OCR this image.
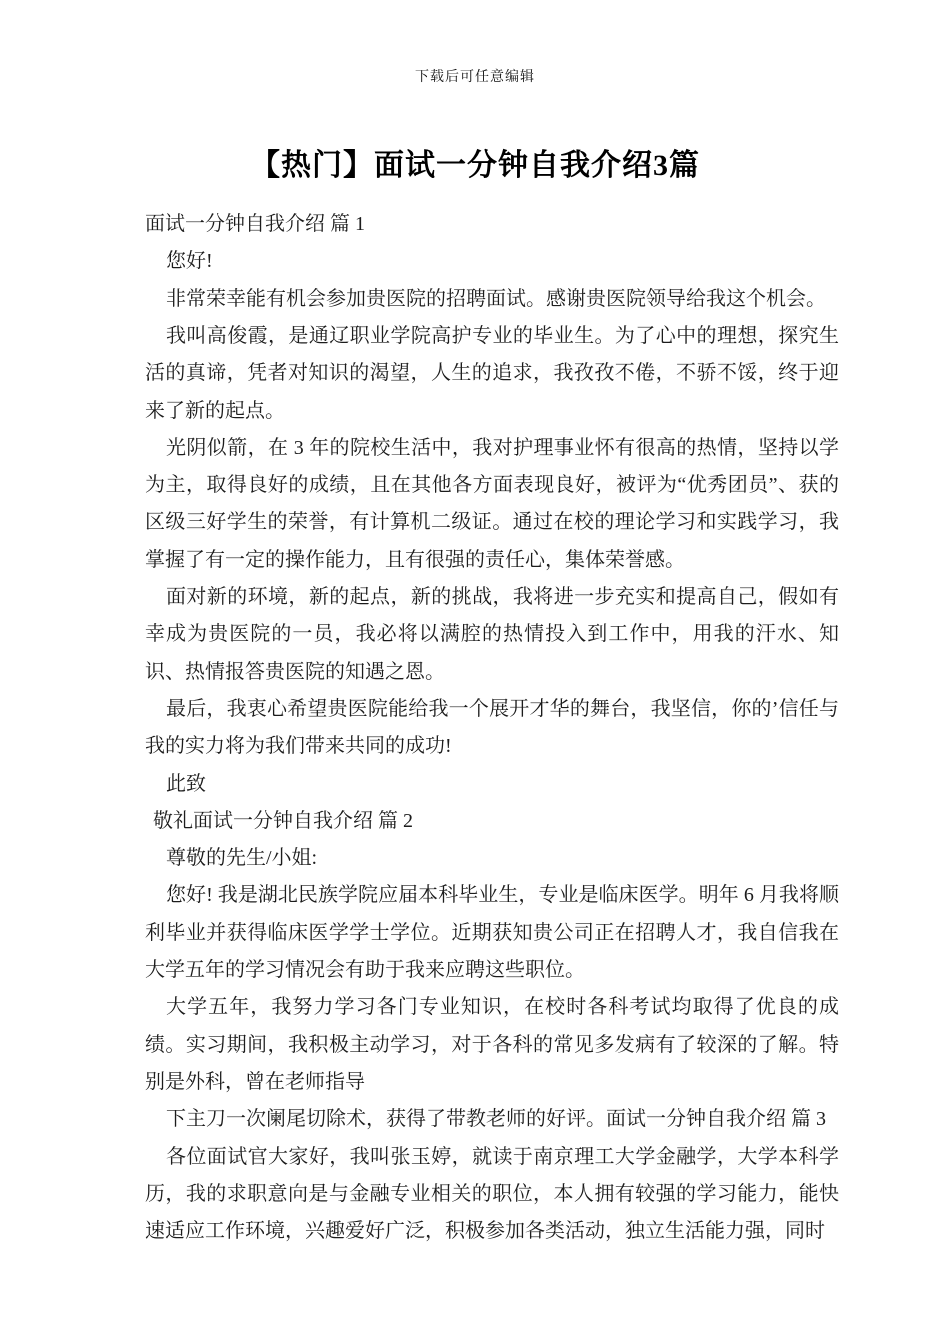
下载后可任意编辑
【热门】面试一分钟自我介绍3篇

面试一分钟自我介绍 篇 1

您好!

非常荣幸能有机会参加贵医院的招聘面试。感谢贵医院领导给我这个机会。

我叫高俊霞，是通辽职业学院高护专业的毕业生。为了心中的理想，探究生活的真谛，凭者对知识的渴望，人生的追求，我孜孜不倦，不骄不馁，终于迎来了新的起点。

光阴似箭，在 3 年的院校生活中，我对护理事业怀有很高的热情，坚持以学为主，取得良好的成绩，且在其他各方面表现良好，被评为“优秀团员”、获的区级三好学生的荣誉，有计算机二级证。通过在校的理论学习和实践学习，我掌握了有一定的操作能力，且有很强的责任心，集体荣誉感。

面对新的环境，新的起点，新的挑战，我将进一步充实和提高自己，假如有幸成为贵医院的一员，我必将以满腔的热情投入到工作中，用我的汗水、知识、热情报答贵医院的知遇之恩。

最后，我衷心希望贵医院能给我一个展开才华的舞台，我坚信，你的’信任与我的实力将为我们带来共同的成功!

此致

敬礼面试一分钟自我介绍 篇 2

尊敬的先生/小姐:

您好! 我是湖北民族学院应届本科毕业生，专业是临床医学。明年 6 月我将顺利毕业并获得临床医学学士学位。近期获知贵公司正在招聘人才，我自信我在大学五年的学习情况会有助于我来应聘这些职位。

大学五年，我努力学习各门专业知识，在校时各科考试均取得了优良的成绩。实习期间，我积极主动学习，对于各科的常见多发病有了较深的了解。特别是外科，曾在老师指导

下主刀一次阑尾切除术，获得了带教老师的好评。面试一分钟自我介绍 篇 3

各位面试官大家好，我叫张玉婷，就读于南京理工大学金融学，大学本科学历，我的求职意向是与金融专业相关的职位，本人拥有较强的学习能力，能快速适应工作环境，兴趣爱好广泛，积极参加各类活动，独立生活能力强，同时
